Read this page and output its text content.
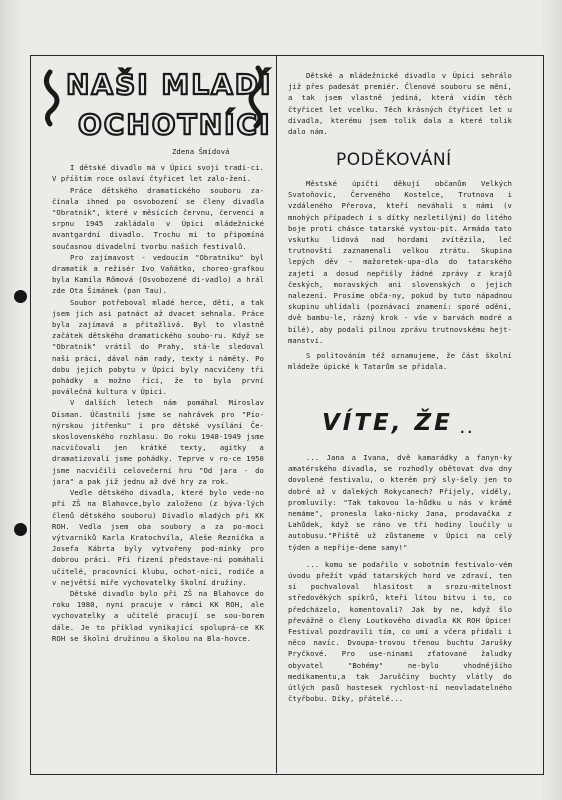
NAŠI MLADÍ
OCHOTNÍCI

Zdena Šmídová

I dětské divadlo má v Úpici svoji tradi-ci. V příštím roce oslaví čtyřicet let zalo-žení.

Práce dětského dramatického souboru za-čínala ihned po osvobození se členy divadla "Obratník", které v měsících červnu, červenci a srpnu 1945 zakládalo v Úpici mládežnické avantgardní divadlo. Trochu mi to připomíná současnou divadelní tvorbu našich festivalů.

Pro zajímavost - vedoucím "Obratníku" byl dramatik a režisér Ivo Vaňátko, choreo-grafkou byla Kamila Rőmová (Osvobozené di-vadlo) a hrál zde Ota Šimánek (pan Tau).

Soubor potřeboval mladé herce, děti, a tak jsem jich asi patnáct až dvacet sehnala. Práce byla zajímavá a přitažlivá. Byl to vlastně začátek dětského dramatického soubo-ru. Když se "Obratník" vrátil do Prahy, stá-le sledoval naši práci, dával nám rady, texty i náměty. Po dobu jejich pobytu v Úpici byly nacvičeny tři pohádky a možno říci, že to byla první poválečná kultura v Úpici.

V dalších letech nám pomáhal Miroslav Disman. Účastnili jsme se nahrávek pro "Pio-nýrskou jitřenku" i pro dětské vysílání Če-skoslovenského rozhlasu. Do roku 1948-1949 jsme nacvičovali jen krátké texty, agitky a dramatizovali jsme pohádky. Teprve v ro-ce 1950 jsme nacvičili celovečerní hru "Od jara - do jara" a pak již jednu až dvě hry za rok.

Vedle dětského divadla, které bylo vede-no při ZŠ na Blahovce,bylo založeno (z býva-lých členů dětského souboru) Divadlo mladých při KK ROH. Vedla jsem oba soubory a za po-moci výtvarníků Karla Kratochvíla, Aleše Řezníčka a Josefa Kábrta byly vytvořeny pod-mínky pro dobrou práci. Při řízení představe-ní pomáhali učitelé, pracovníci klubu, ochot-níci, rodiče a v největší míře vychovatelky školní družiny.

Dětské divadlo bylo při ZŠ na Blahovce do roku 1980, nyní pracuje v rámci KK ROH, ale vychovatelky a učitelé pracují se sou-borem dále. Je to příklad vynikající spoluprá-ce KK ROH se školní družinou a školou na Bla-hovce.

Dětské a mládežnické divadlo v Úpici sehrálo již přes padesát premiér. Členové souboru se mění, a tak jsem vlastně jediná, která vidím těch čtyřicet let vcelku. Těch krásných čtyřicet let u divadla, kterému jsem tolik dala a které tolik dalo nám.

PODĚKOVÁNÍ

Městské úpičtí děkují občanům Velkých Svatoňovic, Červeného Kostelce, Trutnova i vzdáleného Přerova, kteří neváhali s námi (v mnohých případech i s dítky nezletilými) do litého boje proti chásce tatarské vystou-pit. Armáda tato vskutku lidová nad hordami zvítězila, leč trutnovští zaznamenali velkou ztrátu. Skupina lepých děv - mažoretek-upa-dla do tatarského zajetí a dosud nepřišly žádné zprávy z krajů českých, moravských ani slovenských o jejich nalezení. Prosíme obča-ny, pokud by tuto nápadnou skupinu uhlídali (poznávací znamení: sporé oděni, dvě bambu-le, rázný krok - vše v barvách modré a bílé), aby podali pilnou zprávu trutnovskému hejt-manství.

S politováním též oznamujeme, že část školní mládeže úpické k Tatarům se přidala.

VÍTE, ŽE ..

... Jana a Ivana, dvě kamarádky a fanyn-ky amatérského divadla, se rozhodly obětovat dva dny dovolené festivalu, o kterém prý sly-šely jen to dobré až v dalekých Rokycanech? Přijely, viděly, promluvily: "Tak takovou la-hůdku u nás v krámě nemáme", pronesla lako-nicky Jana, prodavačka z Lahůdek, když se ráno ve tři hodiny loučily u autobusu."Přiště už zůstaneme v Úpici na celý týden a nepřije-deme samy!"

... komu se podařilo v sobotním festivalo-vém úvodu přežít vpád tatarských hord ve zdraví, ten si pochvaloval hlasitost a srozu-mitelnost středověkých spíkrů, kteří lítou bitvu i to, co předcházelo, komentovali? Jak by ne, když šlo převážně o členy Loutkového divadla KK ROH Úpice! Festival pozdravili tím, co umí a včera přidali i něco navíc. Dvoupa-trovou třenou buchtu Jarušky Pryčkové. Pro use-ninami zťatované žaludky obyvatel "Bohémy" ne-bylo vhodnějšího medikamentu,a tak Jaruščiny buchty vlátly do útlých pasů hostesek rychlost-ní neovladatelného čtyřbobu. Díky, přátelé...
